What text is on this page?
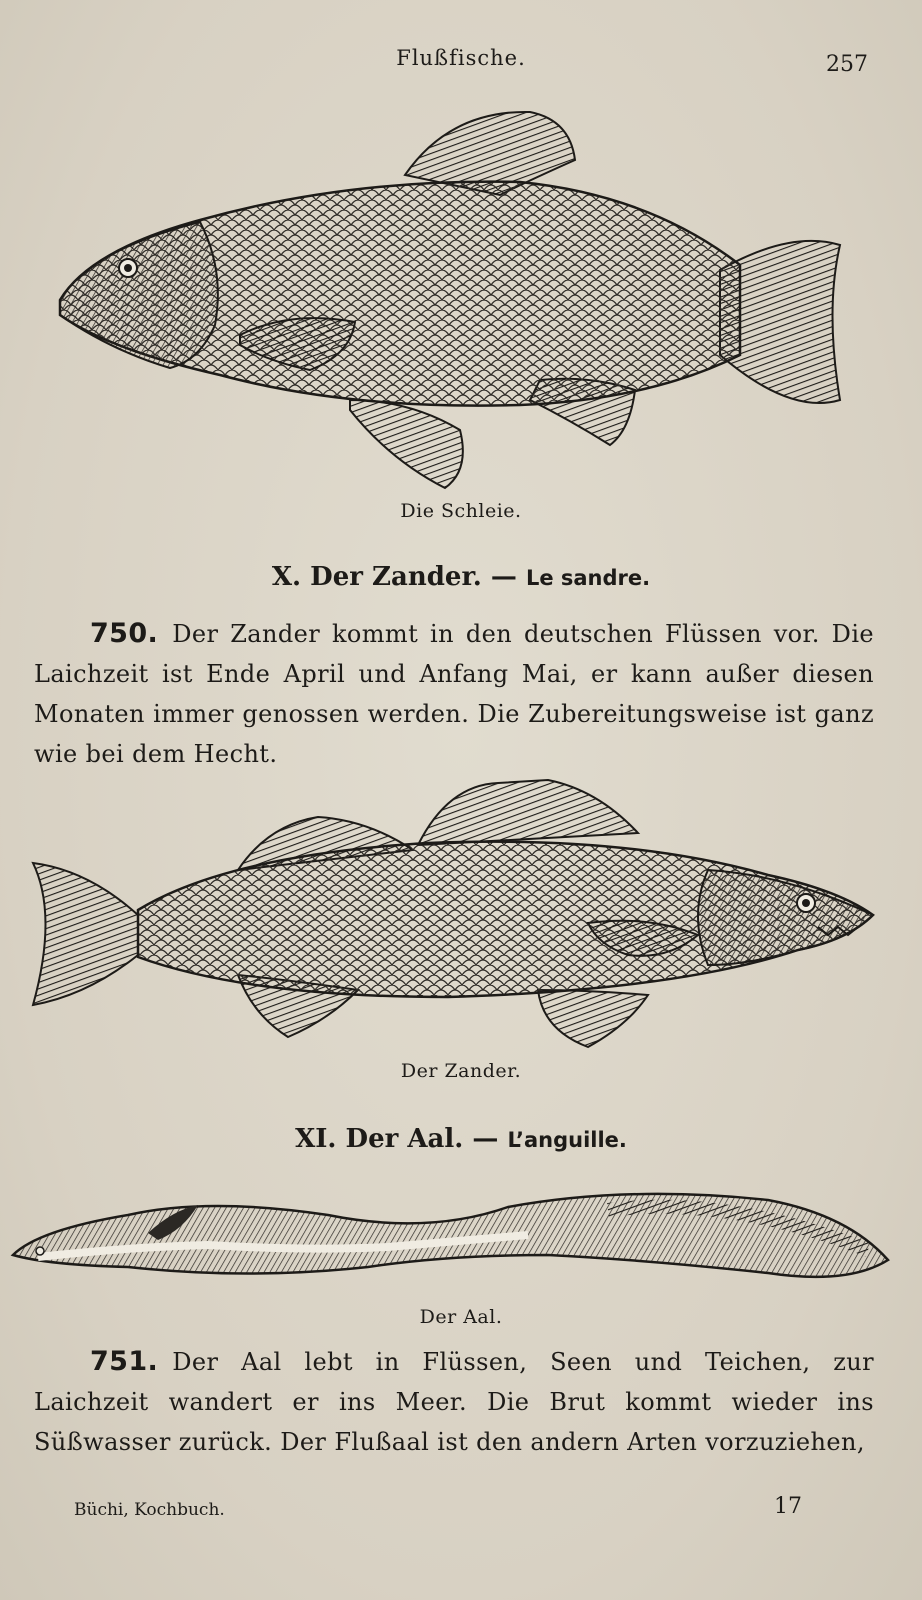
Flußfische.	257
Die Schleie.
X. Der Zander. — Le sandre.
750. Der Zander kommt in den deutschen Flüssen vor. Die Laichzeit ist Ende April und Anfang Mai, er kann außer diesen Monaten immer genossen werden. Die Zubereitungsweise ist ganz wie bei dem Hecht.
Der Zander.
XI. Der Aal. — L’anguille.
Der Aal.
751. Der Aal lebt in Flüssen, Seen und Teichen, zur Laichzeit wandert er ins Meer. Die Brut kommt wieder ins Süßwasser zurück. Der Flußaal ist den andern Arten vorzuziehen,
Büchi, Kochbuch.	17
